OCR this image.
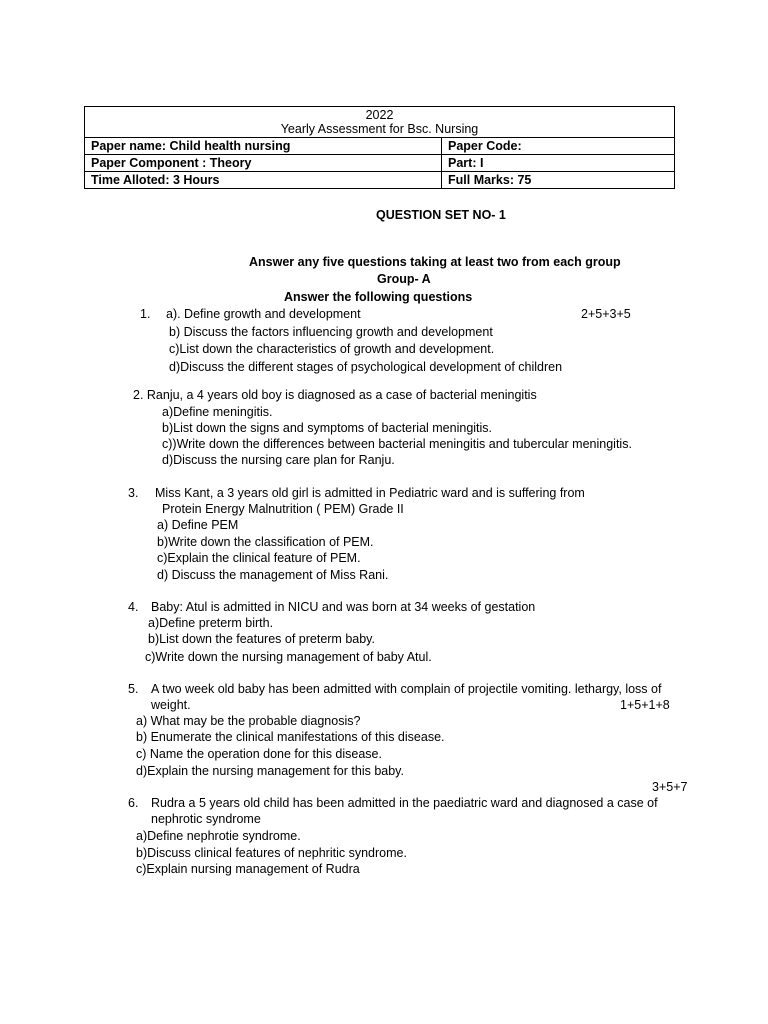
2022
Yearly Assessment for Bsc. Nursing	

Paper name: Child health nursing	Paper Code:
Paper Component : Theory	Part: I
Time Alloted: 3 Hours	Full Marks: 75
QUESTION SET NO- 1
Answer any five questions taking at least two from each group
Group- A
Answer the following questions
1. a). Define growth and development	2+5+3+5
b) Discuss the factors influencing growth and development
c)List down the characteristics of growth and development.
d)Discuss the different stages of psychological development of children
2. Ranju, a 4 years old boy is diagnosed as a case of bacterial meningitis
a)Define meningitis.
b)List down the signs and symptoms of bacterial meningitis.
c))Write down the differences between bacterial meningitis and tubercular meningitis.
d)Discuss the nursing care plan for Ranju.
3. Miss Kant, a 3 years old girl is admitted in Pediatric ward and is suffering from
Protein Energy Malnutrition ( PEM) Grade II
a) Define PEM
b)Write down the classification of PEM.
c)Explain the clinical feature of PEM.
d) Discuss the management of Miss Rani.
4. Baby: Atul is admitted in NICU and was born at 34 weeks of gestation
a)Define preterm birth.
b)List down the features of preterm baby.
c)Write down the nursing management of baby Atul.
5. A two week old baby has been admitted with complain of projectile vomiting. lethargy, loss of
weight.	1+5+1+8
a) What may be the probable diagnosis?
b) Enumerate the clinical manifestations of this disease.
c) Name the operation done for this disease.
d)Explain the nursing management for this baby.
3+5+7
6. Rudra a 5 years old child has been admitted in the paediatric ward and diagnosed a case of
nephrotic syndrome
a)Define nephrotie syndrome.
b)Discuss clinical features of nephritic syndrome.
c)Explain nursing management of Rudra
